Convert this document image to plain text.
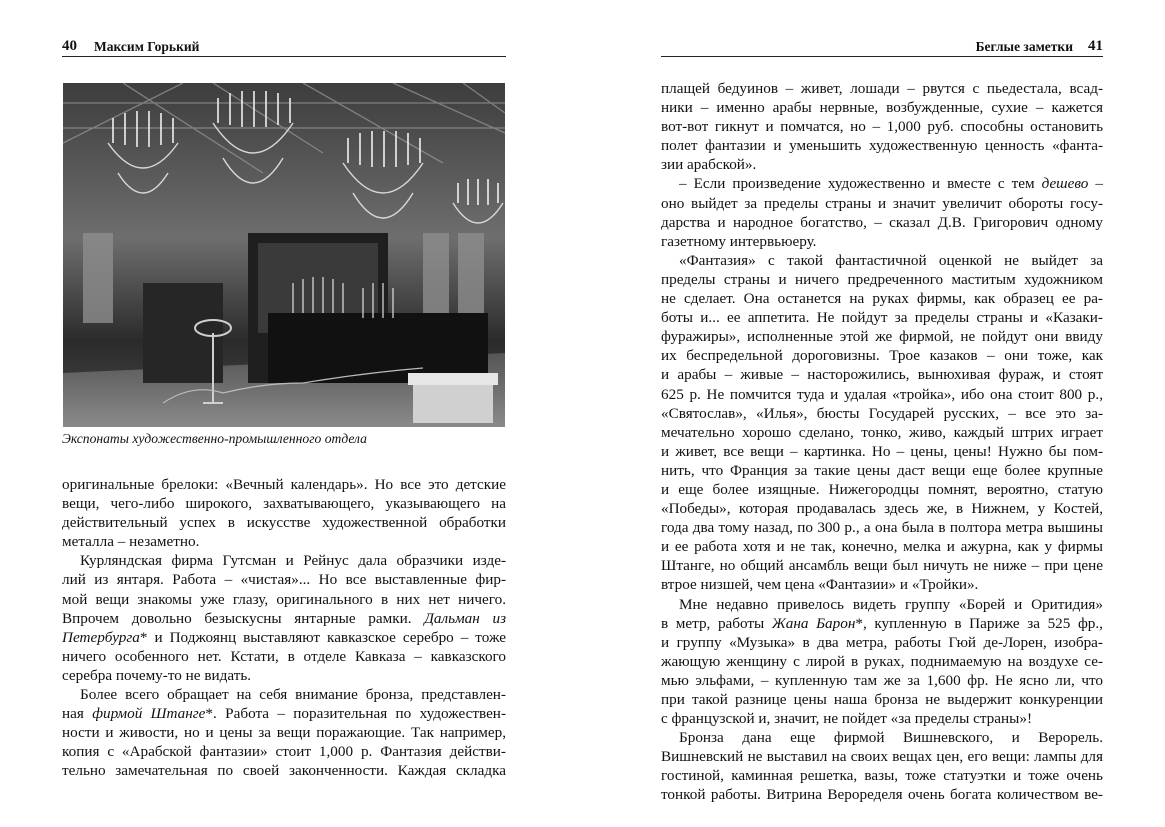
40 Максим Горький
Экспонаты художественно-промышленного отдела
оригинальные брелоки: «Вечный календарь». Но все это детские
вещи, чего-либо широкого, захватывающего, указывающего на
действительный успех в искусстве художественной обработки
металла – незаметно.
Курляндская фирма Гутсман и Рейнус дала образчики изде-
лий из янтаря. Работа – «чистая»... Но все выставленные фир-
мой вещи знакомы уже глазу, оригинального в них нет ничего.
Впрочем довольно безыскусны янтарные рамки. Дальман из
Петербурга* и Поджоянц выставляют кавказское серебро – тоже
ничего особенного нет. Кстати, в отделе Кавказа – кавказского
серебра почему-то не видать.
Более всего обращает на себя внимание бронза, представлен-
ная фирмой Штанге*. Работа – поразительная по художествен-
ности и живости, но и цены за вещи поражающие. Так например,
копия с «Арабской фантазии» стоит 1,000 р. Фантазия действи-
тельно замечательная по своей законченности. Каждая складка
Беглые заметки 41
плащей бедуинов – живет, лошади – рвутся с пьедестала, всад-
ники – именно арабы нервные, возбужденные, сухие – кажется
вот-вот гикнут и помчатся, но – 1,000 руб. способны остановить
полет фантазии и уменьшить художественную ценность «фанта-
зии арабской».
– Если произведение художественно и вместе с тем дешево –
оно выйдет за пределы страны и значит увеличит обороты госу-
дарства и народное богатство, – сказал Д.В. Григорович одному
газетному интервьюеру.
«Фантазия» с такой фантастичной оценкой не выйдет за
пределы страны и ничего предреченного маститым художником
не сделает. Она останется на руках фирмы, как образец ее ра-
боты и... ее аппетита. Не пойдут за пределы страны и «Казаки-
фуражиры», исполненные этой же фирмой, не пойдут они ввиду
их беспредельной дороговизны. Трое казаков – они тоже, как
и арабы – живые – насторожились, вынюхивая фураж, и стоят
625 р. Не помчится туда и удалая «тройка», ибо она стоит 800 р.,
«Святослав», «Илья», бюсты Государей русских, – все это за-
мечательно хорошо сделано, тонко, живо, каждый штрих играет
и живет, все вещи – картинка. Но – цены, цены! Нужно бы пом-
нить, что Франция за такие цены даст вещи еще более крупные
и еще более изящные. Нижегородцы помнят, вероятно, статую
«Победы», которая продавалась здесь же, в Нижнем, у Костей,
года два тому назад, по 300 р., а она была в полтора метра вышины
и ее работа хотя и не так, конечно, мелка и ажурна, как у фирмы
Штанге, но общий ансамбль вещи был ничуть не ниже – при цене
втрое низшей, чем цена «Фантазии» и «Тройки».
Мне недавно привелось видеть группу «Борей и Оритидия»
в метр, работы Жана Барон*, купленную в Париже за 525 фр.,
и группу «Музыка» в два метра, работы Гюй де-Лорен, изобра-
жающую женщину с лирой в руках, поднимаемую на воздухе се-
мью эльфами, – купленную там же за 1,600 фр. Не ясно ли, что
при такой разнице цены наша бронза не выдержит конкуренции
с французской и, значит, не пойдет «за пределы страны»!
Бронза дана еще фирмой Вишневского, и Верорель.
Вишневский не выставил на своих вещах цен, его вещи: лампы для
гостиной, каминная решетка, вазы, тоже статуэтки и тоже очень
тонкой работы. Витрина Вероределя очень богата количеством ве-
